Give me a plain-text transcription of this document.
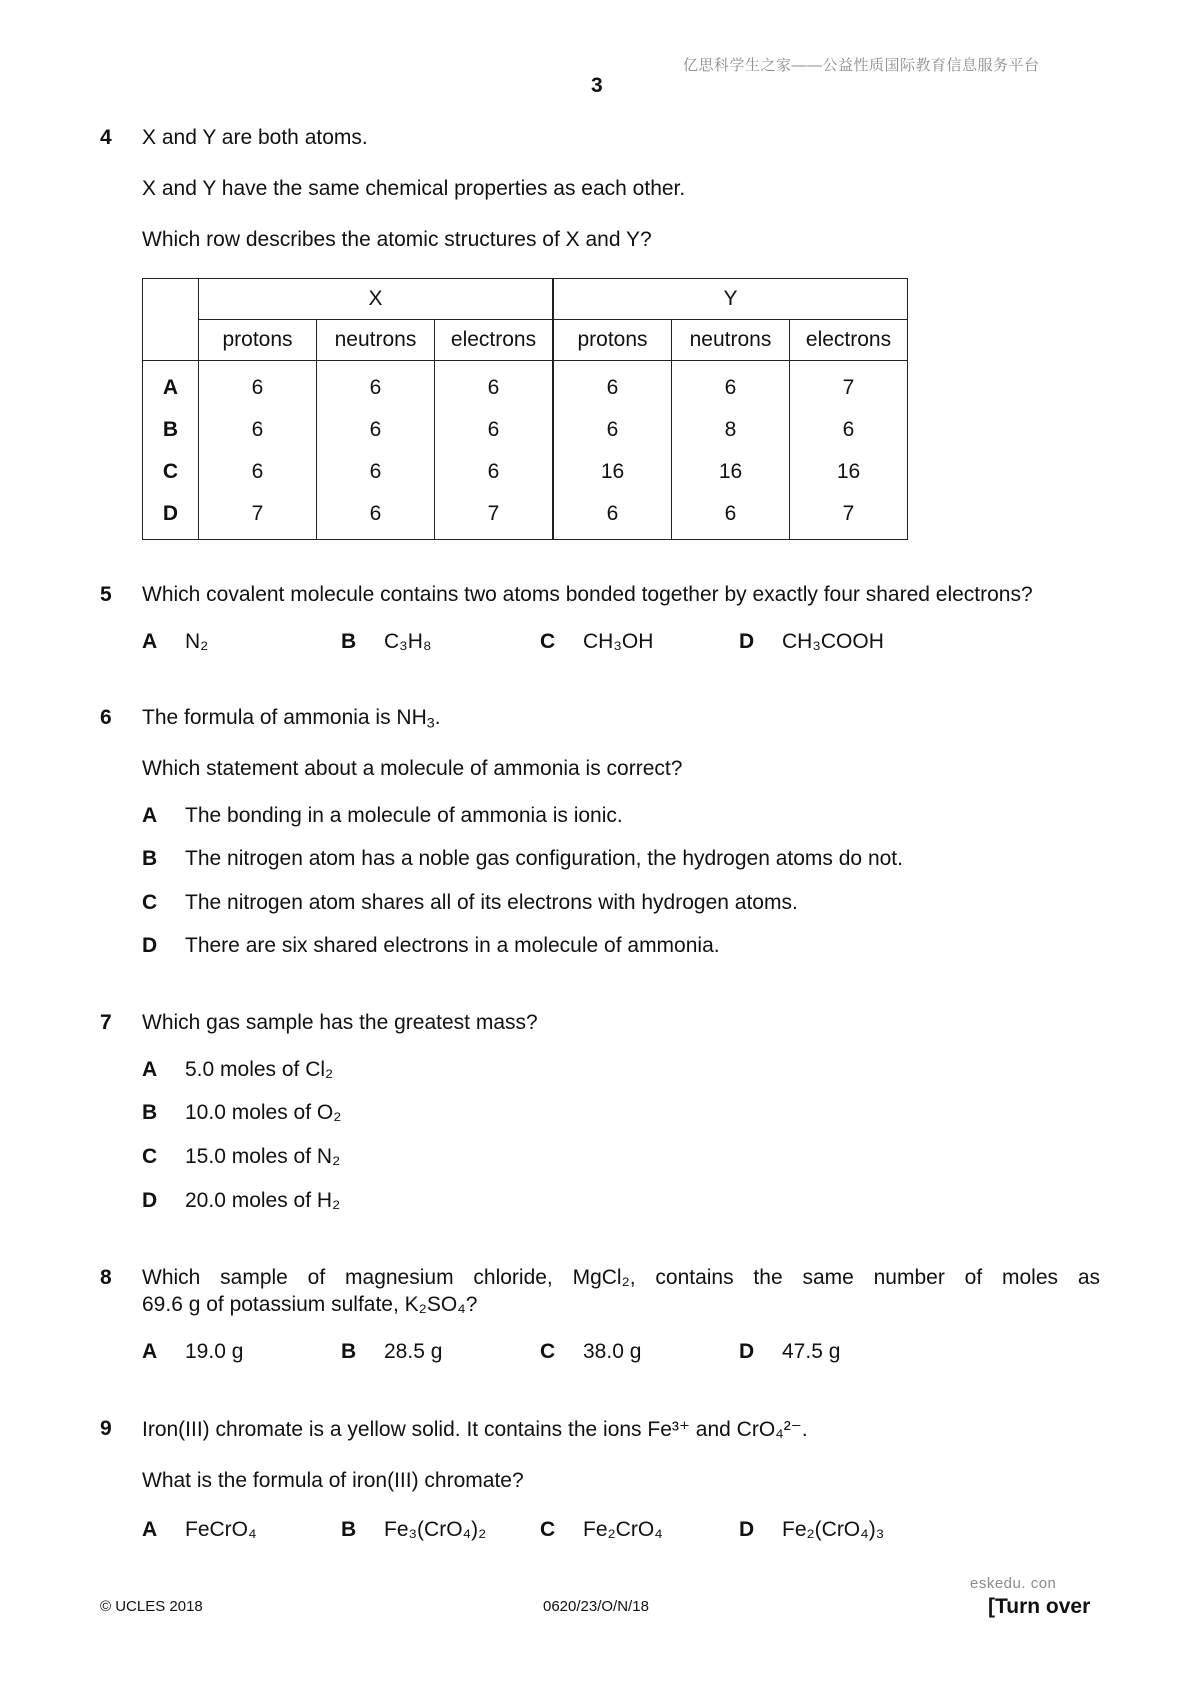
亿思科学生之家——公益性质国际教育信息服务平台
3
4 X and Y are both atoms.
X and Y have the same chemical properties as each other.
Which row describes the atomic structures of X and Y?
	X			Y		
	protons	neutrons	electrons	protons	neutrons	electrons
A	6	6	6	6	6	7
B	6	6	6	6	8	6
C	6	6	6	16	16	16
D	7	6	7	6	6	7
5 Which covalent molecule contains two atoms bonded together by exactly four shared electrons?
A N₂	B C₃H₈	C CH₃OH	D CH₃COOH
6 The formula of ammonia is $NH_3$.
Which statement about a molecule of ammonia is correct?
A The bonding in a molecule of ammonia is ionic.
B The nitrogen atom has a noble gas configuration, the hydrogen atoms do not.
C The nitrogen atom shares all of its electrons with hydrogen atoms.
D There are six shared electrons in a molecule of ammonia.
7 Which gas sample has the greatest mass?
A 5.0 moles of Cl₂
B 10.0 moles of O₂
C 15.0 moles of N₂
D 20.0 moles of H₂
8 Which sample of magnesium chloride, MgCl₂, contains the same number of moles as
69.6 g of potassium sulfate, K₂SO₄?
A 19.0 g	B 28.5 g	C 38.0 g	D 47.5 g
9 Iron(III) chromate is a yellow solid. It contains the ions Fe³⁺ and CrO₄²⁻.
What is the formula of iron(III) chromate?
A FeCrO₄	B Fe₃(CrO₄)₂	C Fe₂CrO₄	D Fe₂(CrO₄)₃
eskedu. con
© UCLES 2018	0620/23/O/N/18	[Turn over
